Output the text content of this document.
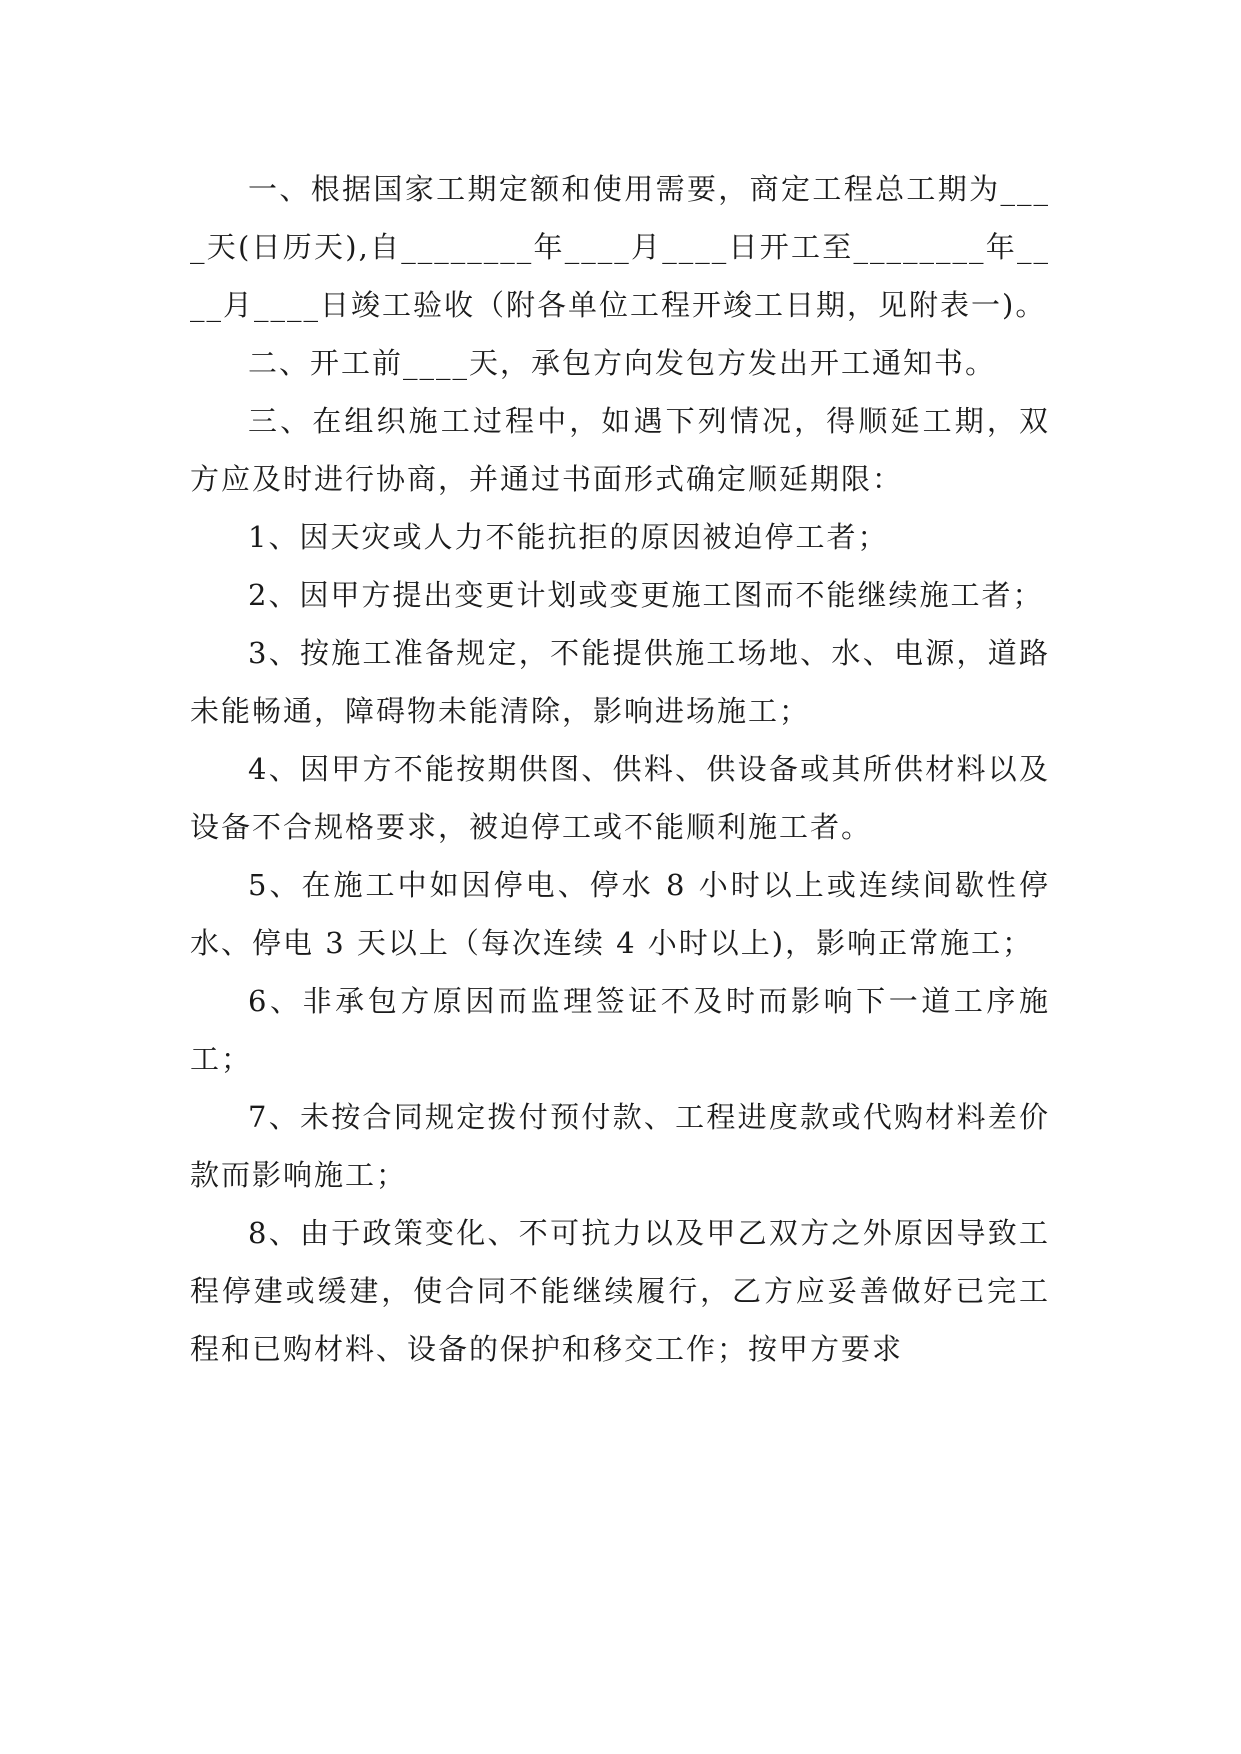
一、根据国家工期定额和使用需要，商定工程总工期为____天(日历天),自________年____月____日开工至________年____月____日竣工验收（附各单位工程开竣工日期，见附表一)。

二、开工前____天，承包方向发包方发出开工通知书。

三、在组织施工过程中，如遇下列情况，得顺延工期，双方应及时进行协商，并通过书面形式确定顺延期限：

1、因天灾或人力不能抗拒的原因被迫停工者；

2、因甲方提出变更计划或变更施工图而不能继续施工者；

3、按施工准备规定，不能提供施工场地、水、电源，道路未能畅通，障碍物未能清除，影响进场施工；

4、因甲方不能按期供图、供料、供设备或其所供材料以及设备不合规格要求，被迫停工或不能顺利施工者。

5、在施工中如因停电、停水 8 小时以上或连续间歇性停水、停电 3 天以上（每次连续 4 小时以上)，影响正常施工；

6、非承包方原因而监理签证不及时而影响下一道工序施工；

7、未按合同规定拨付预付款、工程进度款或代购材料差价款而影响施工；

8、由于政策变化、不可抗力以及甲乙双方之外原因导致工程停建或缓建，使合同不能继续履行，乙方应妥善做好已完工程和已购材料、设备的保护和移交工作；按甲方要求
